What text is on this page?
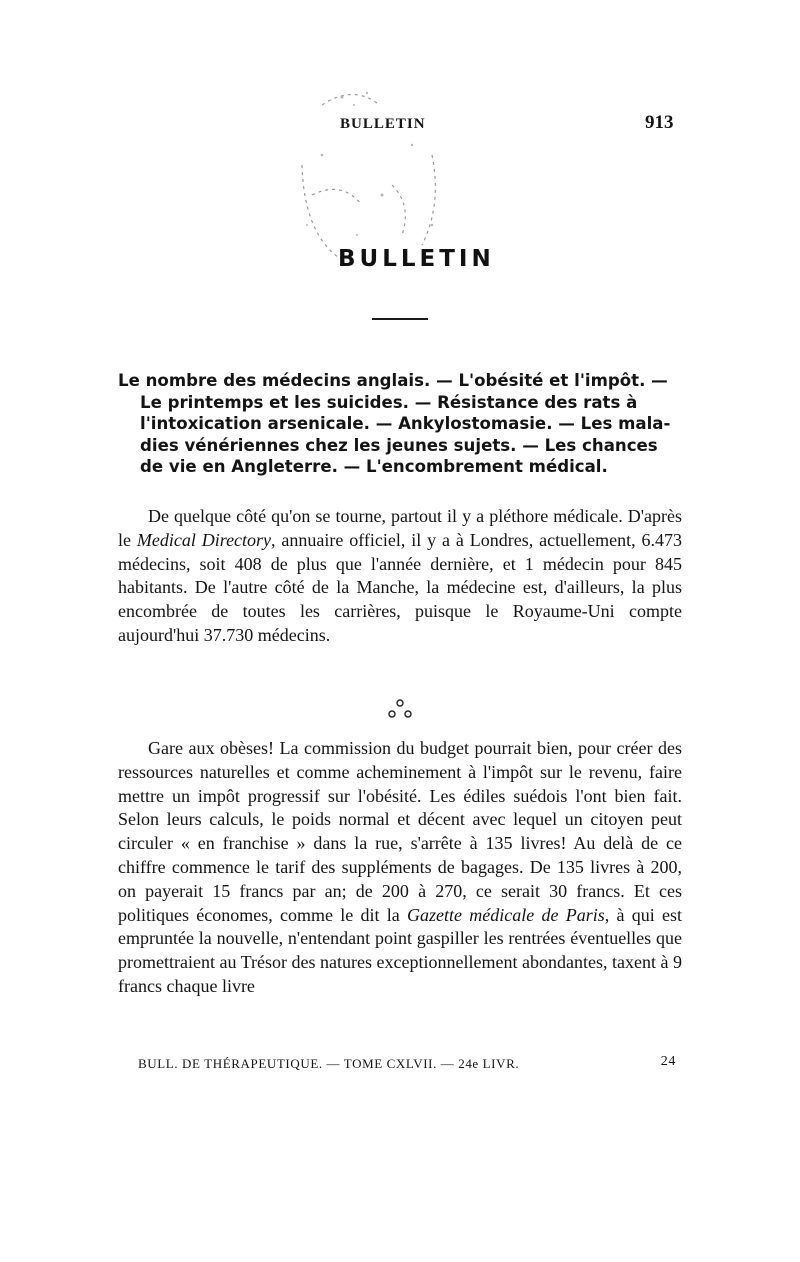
BULLETIN	913
BULLETIN
Le nombre des médecins anglais. — L'obésité et l'impôt. —
Le printemps et les suicides. — Résistance des rats à
l'intoxication arsenicale. — Ankylostomasie. — Les mala-
dies vénériennes chez les jeunes sujets. — Les chances
de vie en Angleterre. — L'encombrement médical.

De quelque côté qu'on se tourne, partout il y a pléthore médicale. D'après le Medical Directory, annuaire officiel, il y a à Londres, actuellement, 6.473 médecins, soit 408 de plus que l'année dernière, et 1 médecin pour 845 habitants. De l'autre côté de la Manche, la médecine est, d'ailleurs, la plus encombrée de toutes les carrières, puisque le Royaume-Uni compte aujourd'hui 37.730 médecins.

Gare aux obèses! La commission du budget pourrait bien, pour créer des ressources naturelles et comme acheminement à l'impôt sur le revenu, faire mettre un impôt progressif sur l'obésité. Les édiles suédois l'ont bien fait. Selon leurs calculs, le poids normal et décent avec lequel un citoyen peut circuler « en franchise » dans la rue, s'arrête à 135 livres! Au delà de ce chiffre commence le tarif des suppléments de bagages. De 135 livres à 200, on payerait 15 francs par an; de 200 à 270, ce serait 30 francs. Et ces politiques économes, comme le dit la Gazette médicale de Paris, à qui est empruntée la nouvelle, n'entendant point gaspiller les rentrées éventuelles que promettraient au Trésor des natures exceptionnellement abondantes, taxent à 9 francs chaque livre

BULL. DE THÉRAPEUTIQUE. — TOME CXLVII. — 24e LIVR.	24
